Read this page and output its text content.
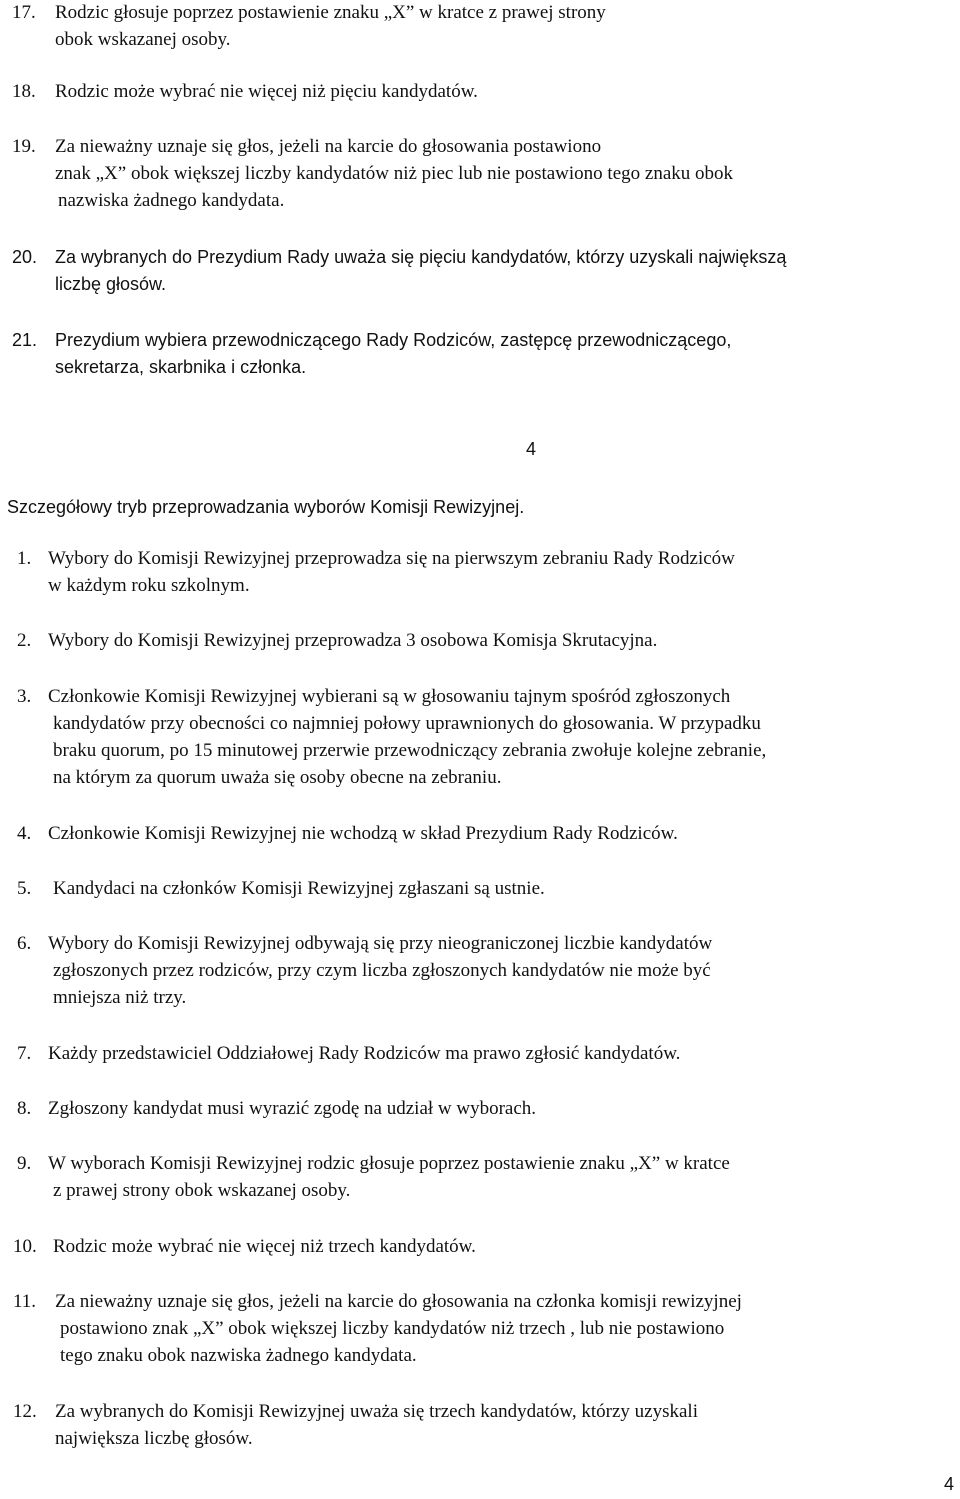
17. Rodzic głosuje poprzez postawienie znaku „X” w kratce z prawej strony
obok wskazanej osoby.
18. Rodzic może wybrać nie więcej niż pięciu kandydatów.
19. Za nieważny uznaje się głos, jeżeli na karcie do głosowania postawiono
znak „X” obok większej liczby kandydatów niż piec lub nie postawiono tego znaku obok
nazwiska żadnego kandydata.
20. Za wybranych do Prezydium Rady uważa się pięciu kandydatów, którzy uzyskali największą
liczbę głosów.
21. Prezydium wybiera przewodniczącego Rady Rodziców, zastępcę przewodniczącego,
sekretarza, skarbnika i członka.
4
Szczegółowy tryb przeprowadzania wyborów Komisji Rewizyjnej.
1. Wybory do Komisji Rewizyjnej przeprowadza się na pierwszym zebraniu Rady Rodziców
w każdym roku szkolnym.
2. Wybory do Komisji Rewizyjnej przeprowadza 3 osobowa Komisja Skrutacyjna.
3. Członkowie Komisji Rewizyjnej wybierani są w głosowaniu tajnym spośród zgłoszonych
kandydatów przy obecności co najmniej połowy uprawnionych do głosowania. W przypadku
braku quorum, po 15 minutowej przerwie przewodniczący zebrania zwołuje kolejne zebranie,
na którym za quorum uważa się osoby obecne na zebraniu.
4. Członkowie Komisji Rewizyjnej nie wchodzą w skład Prezydium Rady Rodziców.
5. Kandydaci na członków Komisji Rewizyjnej zgłaszani są ustnie.
6. Wybory do Komisji Rewizyjnej odbywają się przy nieograniczonej liczbie kandydatów
zgłoszonych przez rodziców, przy czym liczba zgłoszonych kandydatów nie może być
mniejsza niż trzy.
7. Każdy przedstawiciel Oddziałowej Rady Rodziców ma prawo zgłosić kandydatów.
8. Zgłoszony kandydat musi wyrazić zgodę na udział w wyborach.
9. W wyborach Komisji Rewizyjnej rodzic głosuje poprzez postawienie znaku „X” w kratce
z prawej strony obok wskazanej osoby.
10. Rodzic może wybrać nie więcej niż trzech kandydatów.
11. Za nieważny uznaje się głos, jeżeli na karcie do głosowania na członka komisji rewizyjnej
postawiono znak „X” obok większej liczby kandydatów niż trzech , lub nie postawiono
tego znaku obok nazwiska żadnego kandydata.
12. Za wybranych do Komisji Rewizyjnej uważa się trzech kandydatów, którzy uzyskali
największa liczbę głosów.
4
